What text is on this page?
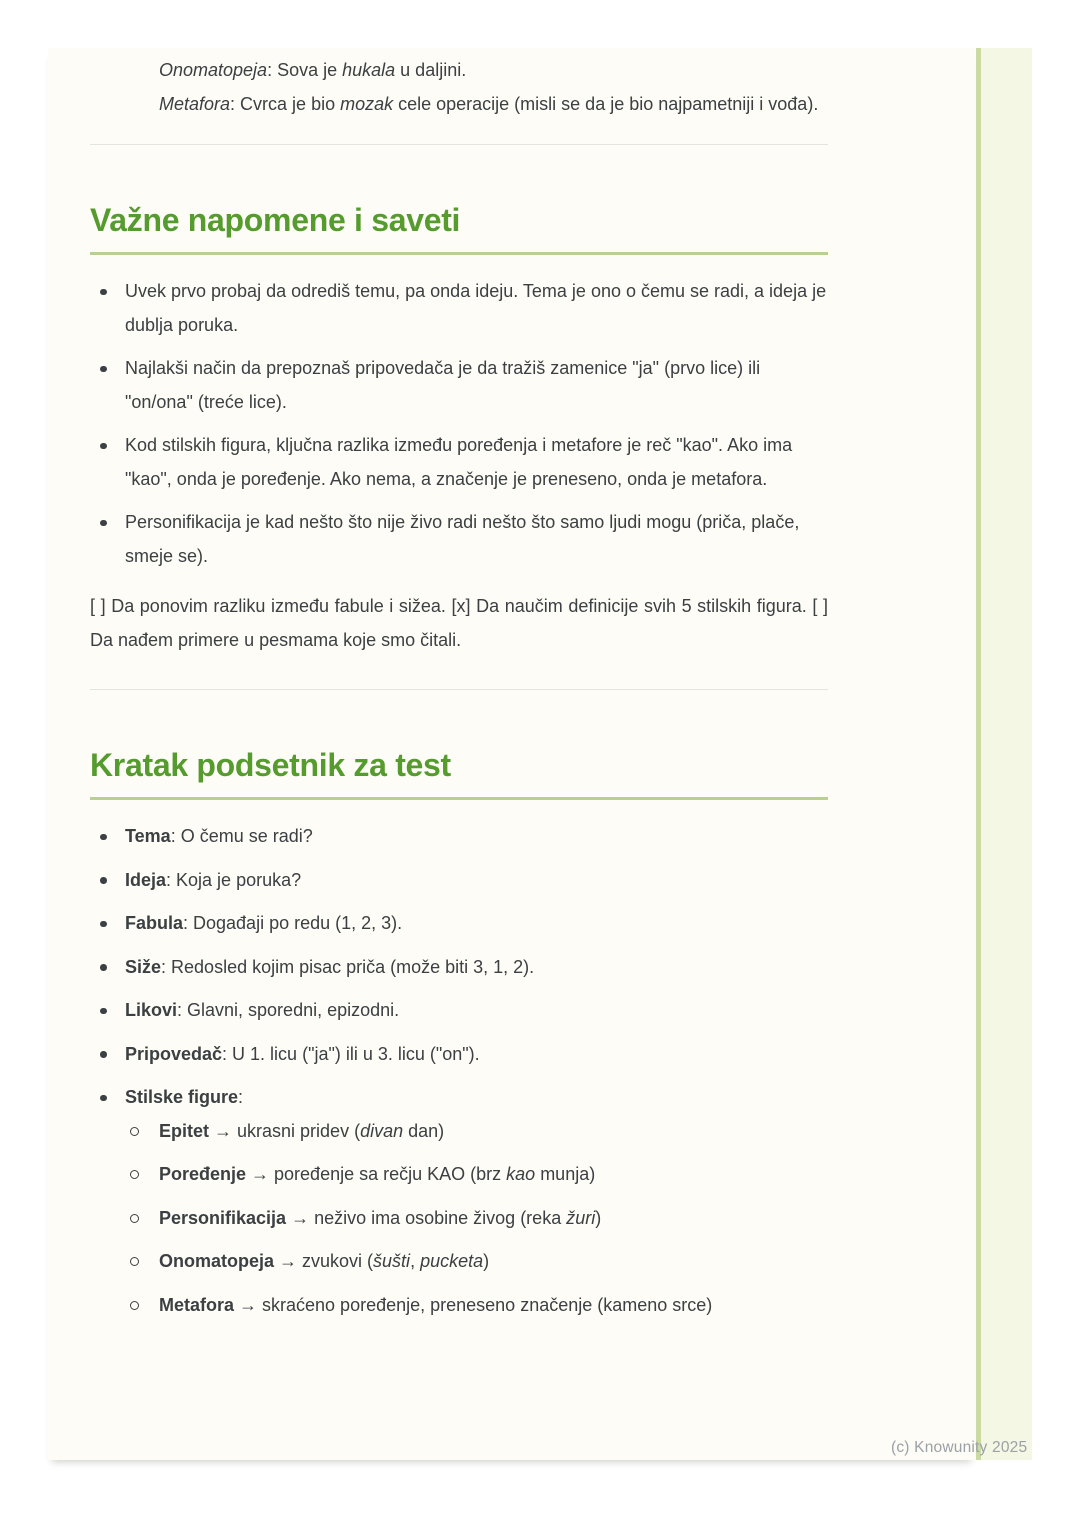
Onomatopeja: Sova je hukala u daljini.
Metafora: Cvrca je bio mozak cele operacije (misli se da je bio najpametniji i vođa).
Važne napomene i saveti
Uvek prvo probaj da odrediš temu, pa onda ideju. Tema je ono o čemu se radi, a ideja je dublja poruka.
Najlakši način da prepoznaš pripovedača je da tražiš zamenice "ja" (prvo lice) ili "on/ona" (treće lice).
Kod stilskih figura, ključna razlika između poređenja i metafore je reč "kao". Ako ima "kao", onda je poređenje. Ako nema, a značenje je preneseno, onda je metafora.
Personifikacija je kad nešto što nije živo radi nešto što samo ljudi mogu (priča, plače, smeje se).

[ ] Da ponovim razliku između fabule i sižea. [x] Da naučim definicije svih 5 stilskih figura. [ ] Da nađem primere u pesmama koje smo čitali.

Kratak podsetnik za test
Tema: O čemu se radi?
Ideja: Koja je poruka?
Fabula: Događaji po redu (1, 2, 3).
Siže: Redosled kojim pisac priča (može biti 3, 1, 2).
Likovi: Glavni, sporedni, epizodni.
Pripovedač: U 1. licu ("ja") ili u 3. licu ("on").
Stilske figure:
Epitet → ukrasni pridev (divan dan)
Poređenje → poređenje sa rečju KAO (brz kao munja)
Personifikacija → neživo ima osobine živog (reka žuri)
Onomatopeja → zvukovi (šušti, pucketa)
Metafora → skraćeno poređenje, preneseno značenje (kameno srce)
(c) Knowunity 2025
